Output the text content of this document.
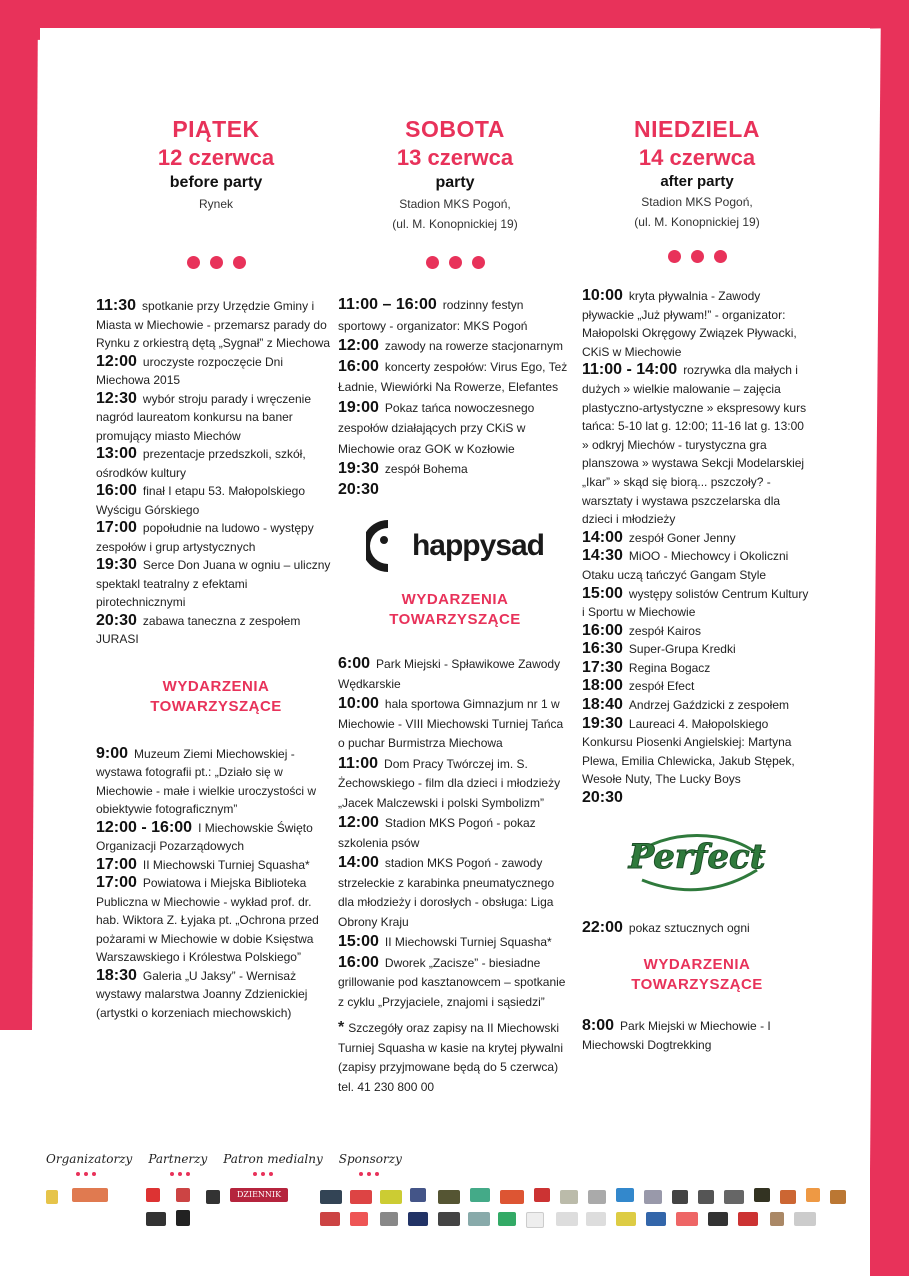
PIĄTEK
12 czerwca
before party
Rynek

11:30 spotkanie przy Urzędzie Gminy i Miasta w Miechowie - przemarsz parady do Rynku z orkiestrą dętą „Sygnał” z Miechowa

12:00 uroczyste rozpoczęcie Dni Miechowa 2015

12:30 wybór stroju parady i wręczenie nagród laureatom konkursu na baner promujący miasto Miechów

13:00 prezentacje przedszkoli, szkół, ośrodków kultury

16:00 finał I etapu 53. Małopolskiego Wyścigu Górskiego

17:00 popołudnie na ludowo - występy zespołów i grup artystycznych

19:30 Serce Don Juana w ogniu – uliczny spektakl teatralny z efektami pirotechnicznymi

20:30 zabawa taneczna z zespołem JURASI

WYDARZENIA
TOWARZYSZĄCE

9:00 Muzeum Ziemi Miechowskiej - wystawa fotografii pt.: „Działo się w Miechowie - małe i wielkie uroczystości w obiektywie fotograficznym”

12:00 - 16:00 I Miechowskie Święto Organizacji Pozarządowych

17:00 II Miechowski Turniej Squasha*

17:00 Powiatowa i Miejska Biblioteka Publiczna w Miechowie - wykład prof. dr. hab. Wiktora Z. Łyjaka pt. „Ochrona przed pożarami w Miechowie w dobie Księstwa Warszawskiego i Królestwa Polskiego”

18:30 Galeria „U Jaksy” - Wernisaż wystawy malarstwa Joanny Zdzienickiej (artystki o korzeniach miechowskich)

SOBOTA
13 czerwca
party
Stadion MKS Pogoń,
(ul. M. Konopnickiej 19)

11:00 – 16:00 rodzinny festyn sportowy - organizator: MKS Pogoń

12:00 zawody na rowerze stacjonarnym

16:00 koncerty zespołów: Virus Ego, Też Ładnie, Wiewiórki Na Rowerze, Elefantes

19:00 Pokaz tańca nowoczesnego zespołów działających przy CKiS w Miechowie oraz GOK w Kozłowie

19:30 zespół Bohema

20:30

happysad
WYDARZENIA
TOWARZYSZĄCE

6:00 Park Miejski - Spławikowe Zawody Wędkarskie

10:00 hala sportowa Gimnazjum nr 1 w Miechowie - VIII Miechowski Turniej Tańca o puchar Burmistrza Miechowa

11:00 Dom Pracy Twórczej im. S. Żechowskiego - film dla dzieci i młodzieży „Jacek Malczewski i polski Symbolizm”

12:00 Stadion MKS Pogoń - pokaz szkolenia psów

14:00 stadion MKS Pogoń - zawody strzeleckie z karabinka pneumatycznego dla młodzieży i dorosłych - obsługa: Liga Obrony Kraju

15:00 II Miechowski Turniej Squasha*

16:00 Dworek „Zacisze” - biesiadne grillowanie pod kasztanowcem – spotkanie z cyklu „Przyjaciele, znajomi i sąsiedzi”

* Szczegóły oraz zapisy na II Miechowski Turniej Squasha w kasie na krytej pływalni (zapisy przyjmowane będą do 5 czerwca) tel. 41 230 800 00

NIEDZIELA
14 czerwca
after party
Stadion MKS Pogoń,
(ul. M. Konopnickiej 19)

10:00 kryta pływalnia - Zawody pływackie „Już pływam!” - organizator: Małopolski Okręgowy Związek Pływacki, CKiS w Miechowie

11:00 - 14:00 rozrywka dla małych i dużych » wielkie malowanie – zajęcia plastyczno-artystyczne » ekspresowy kurs tańca: 5-10 lat g. 12:00; 11-16 lat g. 13:00 » odkryj Miechów - turystyczna gra planszowa » wystawa Sekcji Modelarskiej „Ikar” » skąd się biorą... pszczoły? - warsztaty i wystawa pszczelarska dla dzieci i młodzieży

14:00 zespół Goner Jenny

14:30 MiOO - Miechowcy i Okoliczni Otaku uczą tańczyć Gangam Style

15:00 występy solistów Centrum Kultury i Sportu w Miechowie

16:00 zespół Kairos

16:30 Super-Grupa Kredki

17:30 Regina Bogacz

18:00 zespół Efect

18:40 Andrzej Gaździcki z zespołem

19:30 Laureaci 4. Małopolskiego Konkursu Piosenki Angielskiej: Martyna Plewa, Emilia Chlewicka, Jakub Stępek, Wesołe Nuty, The Lucky Boys

20:30

Perfect

22:00 pokaz sztucznych ogni

WYDARZENIA
TOWARZYSZĄCE

8:00 Park Miejski w Miechowie - I Miechowski Dogtrekking

Organizatorzy Partnerzy Patron medialny Sponsorzy
DZIENNIK POLSKI
